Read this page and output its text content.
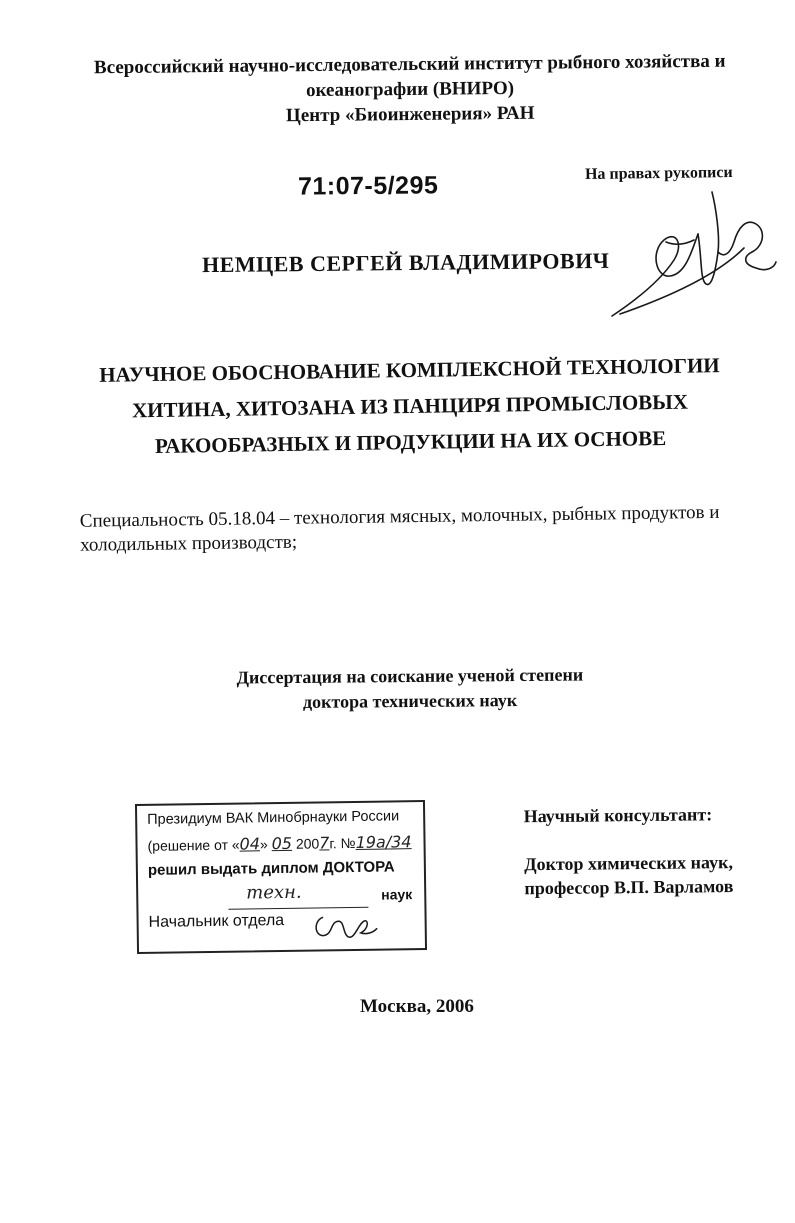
Всероссийский научно-исследовательский институт рыбного хозяйства и
океанографии (ВНИРО)
Центр «Биоинженерия» РАН
71:07-5/295	На правах рукописи
НЕМЦЕВ СЕРГЕЙ ВЛАДИМИРОВИЧ
НАУЧНОЕ ОБОСНОВАНИЕ КОМПЛЕКСНОЙ ТЕХНОЛОГИИ
ХИТИНА, ХИТОЗАНА ИЗ ПАНЦИРЯ ПРОМЫСЛОВЫХ
РАКООБРАЗНЫХ И ПРОДУКЦИИ НА ИХ ОСНОВЕ
Специальность 05.18.04 – технология мясных, молочных, рыбных продуктов и холодильных производств;
Диссертация на соискание ученой степени
доктора технических наук
Президиум ВАК Минобрнауки России
(решение от «04» 05 2007г. №19а/34
решил выдать диплом ДОКТОРА
техн.	наук
Начальник отдела
Научный консультант:
Доктор химических наук,
профессор В.П. Варламов
Москва, 2006
